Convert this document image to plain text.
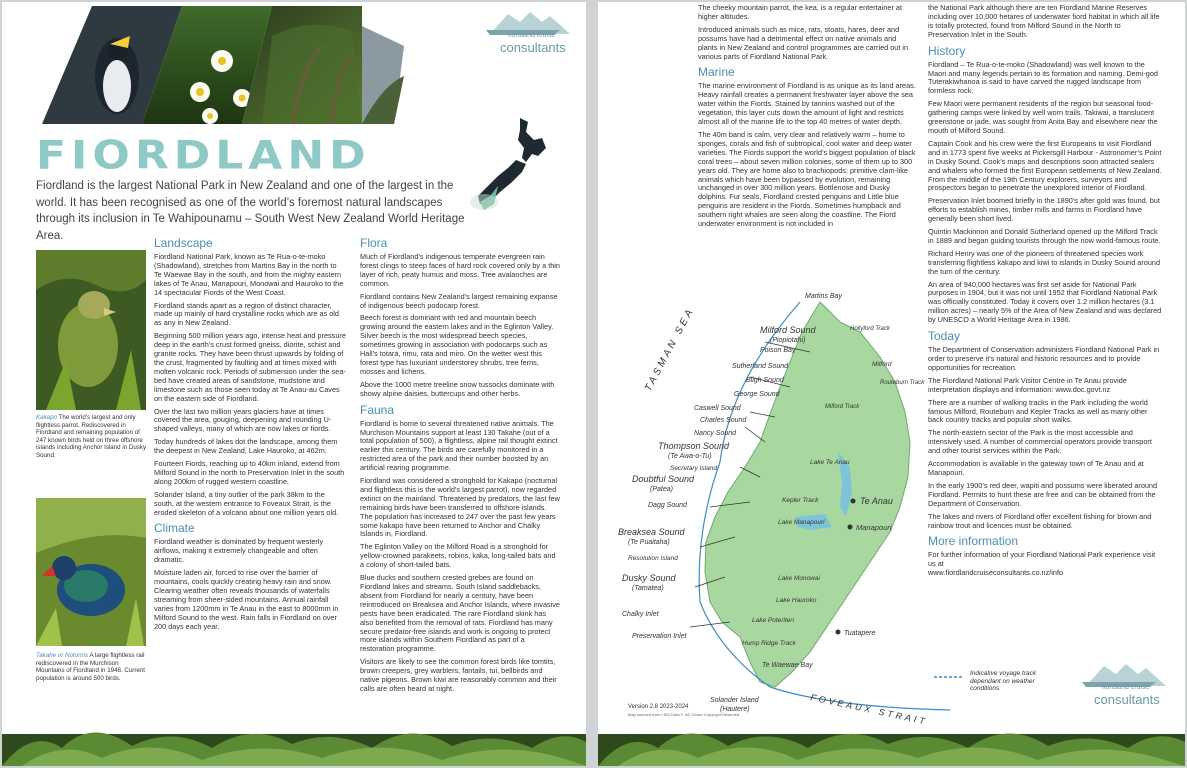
fiordland cruise
consultants
FIORDLAND
Fiordland is the largest National Park in New Zealand and one of the largest in the world. It has been recognised as one of the world’s foremost natural landscapes through its inclusion in Te Wahipounamu – South West New Zealand World Heritage Area.
Kakapo The world’s largest and only flightless parrot. Rediscovered in Fiordland and remaining population of 247 known birds held on three offshore islands including Anchor Island in Dusky Sound.
Takahe or Notornis A large flightless rail rediscovered in the Murchison Mountains of Fiordland in 1948. Current population is around 500 birds.
Landscape

Fiordland National Park, known as Te Rua-o-te-moko (Shadowland), stretches from Martins Bay in the north to Te Waewae Bay in the south, and from the mighty eastern lakes of Te Anau, Manapouri, Monowai and Hauroko to the 14 spectacular Fiords of the West Coast.

Fiordland stands apart as a region of distinct character, made up mainly of hard crystalline rocks which are as old as any in New Zealand.

Beginning 500 million years ago, intense heat and pressure deep in the earth’s crust formed gneiss, diorite, schist and granite rocks. They have been thrust upwards by folding of the crust, fragmented by faulting and at times mixed with molten volcanic rock. Periods of submersion under the sea-bed have created areas of sandstone, mudstone and limestone such as those seen today at Te Anau-au Caves on the eastern side of Fiordland.

Over the last two million years glaciers have at times covered the area, gouging, deepening and rounding U-shaped valleys, many of which are now lakes or fiords.

Today hundreds of lakes dot the landscape, among them the deepest in New Zealand, Lake Hauroko, at 462m.

Fourteen Fiords, reaching up to 40km inland, extend from Milford Sound in the north to Preservation Inlet in the south along 200km of rugged western coastline.

Solander Island, a tiny outlier of the park 38km to the south, at the western entrance to Foveaux Strait, is the eroded skeleton of a volcano about one million years old.

Climate

Fiordland weather is dominated by frequent westerly airflows, making it extremely changeable and often dramatic.

Moisture laden air, forced to rise over the barrier of mountains, cools quickly creating heavy rain and snow. Clearing weather often reveals thousands of waterfalls streaming from sheer-sided mountains. Annual rainfall varies from 1200mm in Te Anau in the east to 8000mm in Milford Sound to the west. Rain falls in Fiordland on over 200 days each year.

Flora

Much of Fiordland’s indigenous temperate evergreen rain forest clings to steep faces of hard rock covered only by a thin layer of rich, peaty humus and moss. Tree avalanches are common.

Fiordland contains New Zealand’s largest remaining expanse of indigenous beech podocarp forest.

Beech forest is dominant with red and mountain beech growing around the eastern lakes and in the Eglinton Valley. Silver beech is the most widespread beech species, sometimes growing in association with podocarps such as Hall’s totara, rimu, rata and miro. On the wetter west this forest type has luxuriant understorey shrubs, tree ferns, mosses and lichens.

Above the 1000 metre treeline snow tussocks dominate with showy alpine daisies, buttercups and other herbs.

Fauna

Fiordland is home to several threatened native animals. The Murchison Mountains support at least 130 Takahe (out of a total population of 500), a flightless, alpine rail thought extinct earlier this century. The birds are carefully monitored in a restricted area of the park and their number boosted by an artificial rearing programme.

Fiordland was considered a stronghold for Kakapo (nocturnal and flightless this is the world’s largest parrot), now regarded extinct on the mainland. Threatened by predators, the last few remaining birds have been transferred to offshore islands. The population has increased to 247 over the past few years some kakapo have been returned to Anchor and Chalky Islands in, Fiordland.

The Eglinton Valley on the Milford Road is a stronghold for yellow-crowned parakeets, robins, kaka, long-tailed bats and a colony of short-tailed bats.

Blue ducks and southern crested grebes are found on Fiordland lakes and streams. South Island saddlebacks, absent from Fiordland for nearly a century, have been reintroduced on Breaksea and Anchor Islands, where invasive pests have been eradicated. The rare Fiordland skink has also benefited from the removal of rats. Fiordland has many secure predator-free islands and work is ongoing to protect more islands within Southern Fiordland as part of a restoration programme.

Visitors are likely to see the common forest birds like tomtits, brown creepers, grey warblers, fantails, tui, bellbirds and native pigeons. Brown kiwi are reasonably common and their calls are often heard at night.

The cheeky mountain parrot, the kea, is a regular entertainer at higher altitudes.

Introduced animals such as mice, rats, stoats, hares, deer and possums have had a detrimental effect on native animals and plants in New Zealand and control programmes are carried out in various parts of Fiordland National Park.

Marine

The marine environment of Fiordland is as unique as its land areas. Heavy rainfall creates a permanent freshwater layer above the sea water within the Fiords. Stained by tannins washed out of the vegetation, this layer cuts down the amount of light and restricts almost all of the marine life to the top 40 metres of water depth.

The 40m band is calm, very clear and relatively warm – home to sponges, corals and fish of subtropical, cool water and deep water varieties. The Fiords support the world’s biggest population of black coral trees – about seven million colonies, some of them up to 300 years old. They are home also to brachiopods: primitive clam-like animals which have been bypassed by evolution, remaining unchanged in over 300 million years. Bottlenose and Dusky dolphins. Fur seals, Fiordland crested penguins and Little blue penguins are resident in the Fiords. Sometimes humpback and southern right whales are seen along the coastline. The Fiord underwater environment is not included in

the National Park although there are ten Fiordland Marine Reserves including over 10,000 hetares of underwater fiord habitat in which all life is totally protected, found from Milford Sound in the North to Preservation Inlet in the South.

History

Fiordland – Te Rua-o-te-moko (Shadowland) was well known to the Maori and many legends pertain to its formation and naming. Demi-god Tuterakiwhanoa is said to have carved the rugged landscape from formless rock.

Few Maori were permanent residents of the region but seasonal food-gathering camps were linked by well worn trails. Takiwai, a translucent greenstone or jade, was sought from Anita Bay and elsewhere near the mouth of Milford Sound.

Captain Cook and his crew were the first Europeans to visit Fiordland and in 1773 spent five weeks at Pickersgill Harbour - Astronomer’s Point in Dusky Sound. Cook’s maps and descriptions soon attracted sealers and whalers who formed the first European settlements of New Zealand. From the middle of the 19th Century explorers, surveyors and prospectors began to penetrate the unexplored interior of Fiordland.

Preservation Inlet boomed briefly in the 1890’s after gold was found, but efforts to establish mines, timber mills and farms in Fiordland have generally been short lived.

Quintin Mackinnon and Donald Sutherland opened up the Milford Track in 1889 and began guiding tourists through the now world-famous route.

Richard Henry was one of the pioneers of threatened species work transferring flightless kakapo and kiwi to islands in Dusky Sound around the turn of the century.

An area of 940,000 hectares was first set aside for National Park purposes in 1904, but it was not until 1952 that Fiordland National Park was officially constituted. Today it covers over 1.2 million hectares (3.1 million acres) – nearly 5% of the Area of New Zealand and was declared by UNESCO a World Heritage Area in 1986.

Today

The Department of Conservation administers Fiordland National Park in order to preserve it’s natural and historic resources and to provide opportunities for recreation.

The Fiordland National Park Visitor Centre in Te Anau provide interpretation displays and information: www.doc.govt.nz

There are a number of walking tracks in the Park including the world famous Milford, Routeburn and Kepler Tracks as well as many other back country tracks and popular short walks.

The north-eastern sector of the Park is the most accessible and intensively used. A number of commercial operators provide transport and other tourist services within the Park.

Accommodation is available in the gateway town of Te Anau and at Manapouri.

In the early 1900’s red deer, wapiti and possums were liberated around Fiordland. Permits to hunt these are free and can be obtained from the Department of Conservation.

The lakes and rivers of Fiordland offer excellent fishing for brown and rainbow trout and licences must be obtained.

More information

For further information of your Fiordland National Park experience visit us at
www.fiordlandcruiseconsultants.co.nz/info

Martins Bay
Milford Sound
(Piopiotahi)
Hollyford Track
Milford
Routeburn Track
Milford Track
Poison Bay
Sutherland Sound
Bligh Sound
George Sound
Caswell Sound
Charles Sound
Nancy Sound
Thompson Sound
(Te Awa-o-Tu)
Secretary Island
Doubtful Sound
(Patea)
Dagg Sound
Breaksea Sound
(Te Puaitaha)
Resolution Island
Dusky Sound
(Tamatea)
Chalky Inlet
Preservation Inlet
Lake Te Anau
Kepler Track	Te Anau
Lake Manapouri
Manapouri
Lake Monowai
Lake Hauroko
Lake Poteriteri
Hump Ridge Track
Tuatapere
Te Waewae Bay
TASMAN SEA
FOVEAUX STRAIT
Solander Island
(Hautere)
Indicative voyage track dependant on weather conditions	fiordland cruise
consultants
Version 2.8 2023-2024
Map sourced from LINZ Data © NZ Crown Copyright Reserved
